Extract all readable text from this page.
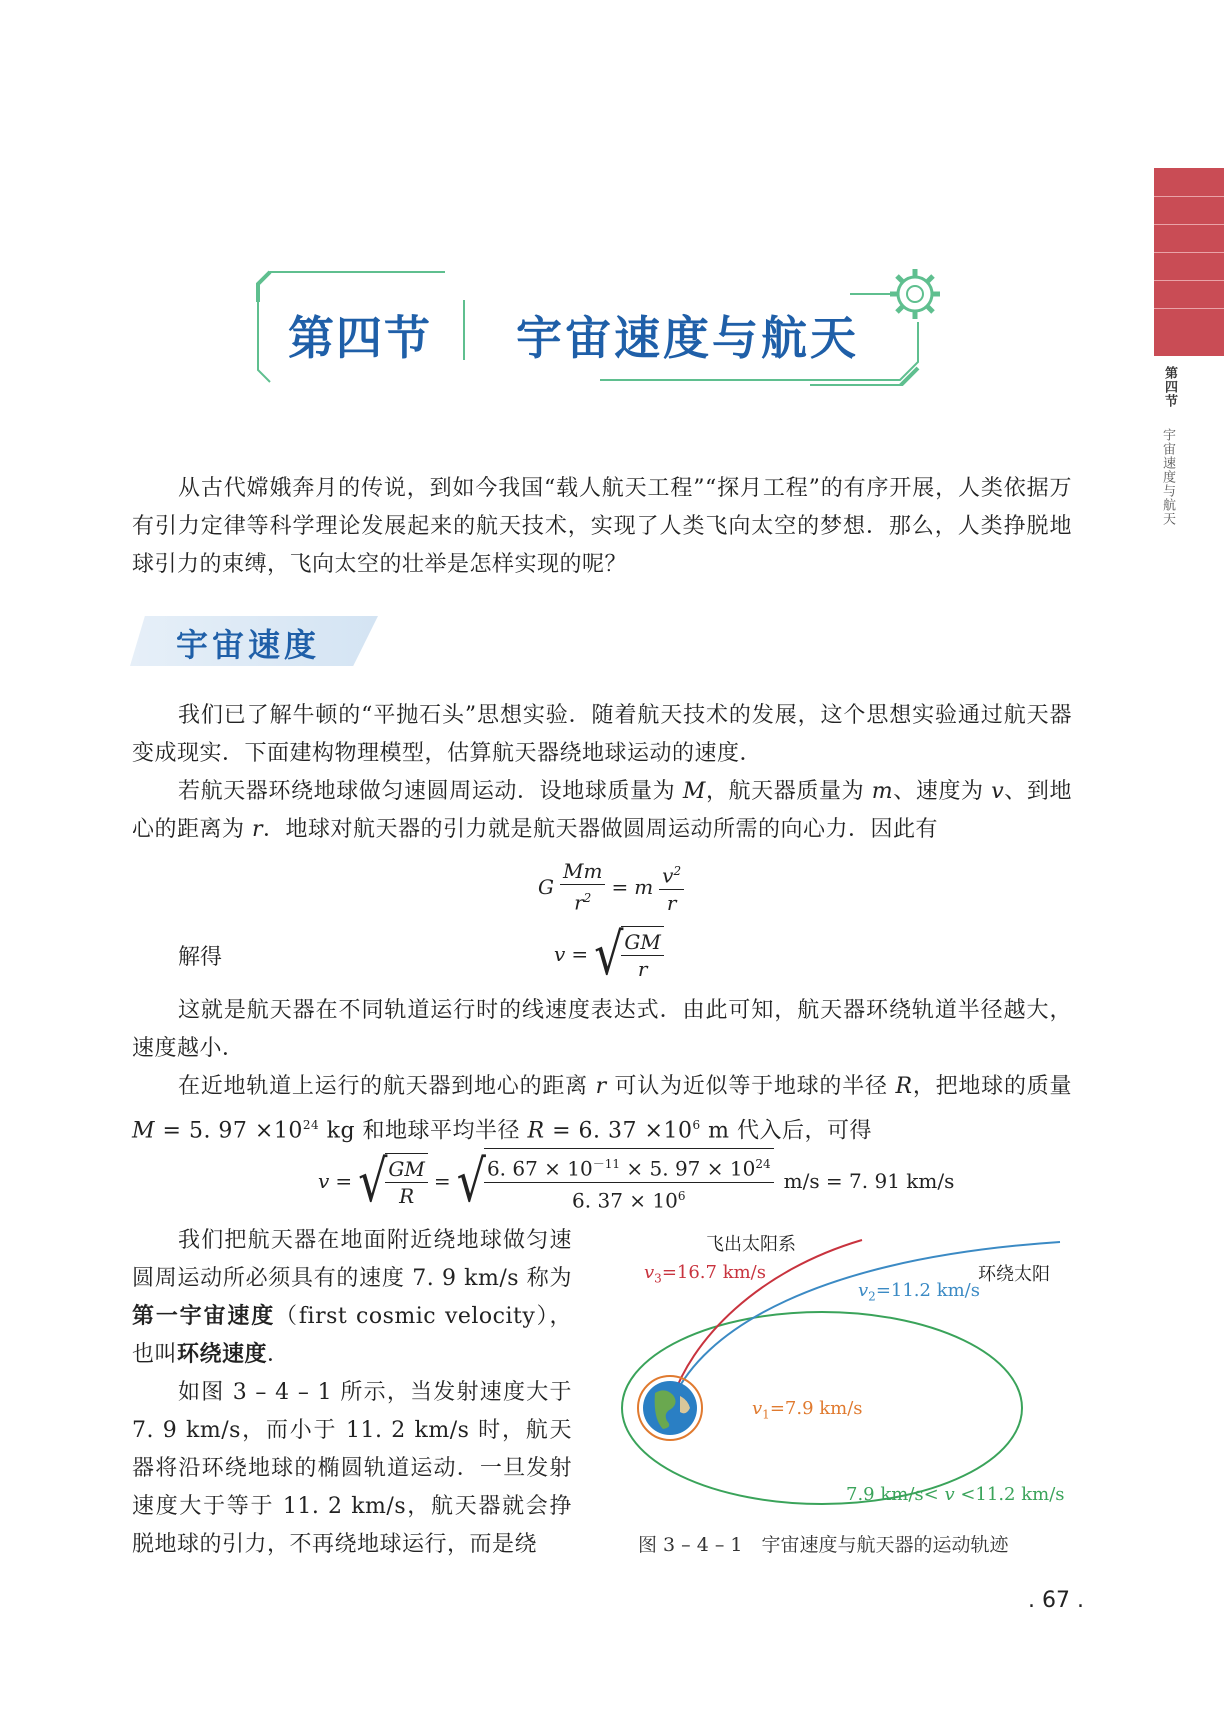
第四节
宇宙速度与航天
第四节 宇宙速度与航天

从古代嫦娥奔月的传说，到如今我国“载人航天工程”“探月工程”的有序开展，人类依据万有引力定律等科学理论发展起来的航天技术，实现了人类飞向太空的梦想．那么，人类挣脱地球引力的束缚，飞向太空的壮举是怎样实现的呢？

宇宙速度

我们已了解牛顿的“平抛石头”思想实验．随着航天技术的发展，这个思想实验通过航天器变成现实．下面建构物理模型，估算航天器绕地球运动的速度．

若航天器环绕地球做匀速圆周运动．设地球质量为 M，航天器质量为 m、速度为 v、到地心的距离为 r．地球对航天器的引力就是航天器做圆周运动所需的向心力．因此有

G $\frac{Mm}{r^2} = m \frac{v^2}{r}$
解得	v = √
$\frac{GM}{r}$

这就是航天器在不同轨道运行时的线速度表达式．由此可知，航天器环绕轨道半径越大，速度越小．

在近地轨道上运行的航天器到地心的距离 r 可认为近似等于地球的半径 R，把地球的质量 M = 5. $97 \times 10^{24}$ kg 和地球平均半径 R = 6. $37 \times 10^6$ m 代入后，可得

v = √
$\frac{GM}{R}$ = √
$\frac{6. 67 \times 10^{-11} \times 5. 97 \times 10^{24}}{6. 37 \times 10^6} m/s = 7$. 91 km/s

我们把航天器在地面附近绕地球做匀速圆周运动所必须具有的速度 7. 9 km/s 称为第一宇宙速度（first cosmic velocity），也叫环绕速度．

如图 3 – 4 – 1 所示，当发射速度大于 7. 9 km/s，而小于 11. 2 km/s 时，航天器将沿环绕地球的椭圆轨道运动．一旦发射速度大于等于 11. 2 km/s，航天器就会挣脱地球的引力，不再绕地球运行，而是绕

飞出太阳系
$v_3=16.7$ km/s	环绕太阳
$v_2=11.2$ km/s
$v_1=7.9$ km/s
7.9 km/s< v <11.2 km/s
图 3 – 4 – 1　宇宙速度与航天器的运动轨迹
. 67 .
